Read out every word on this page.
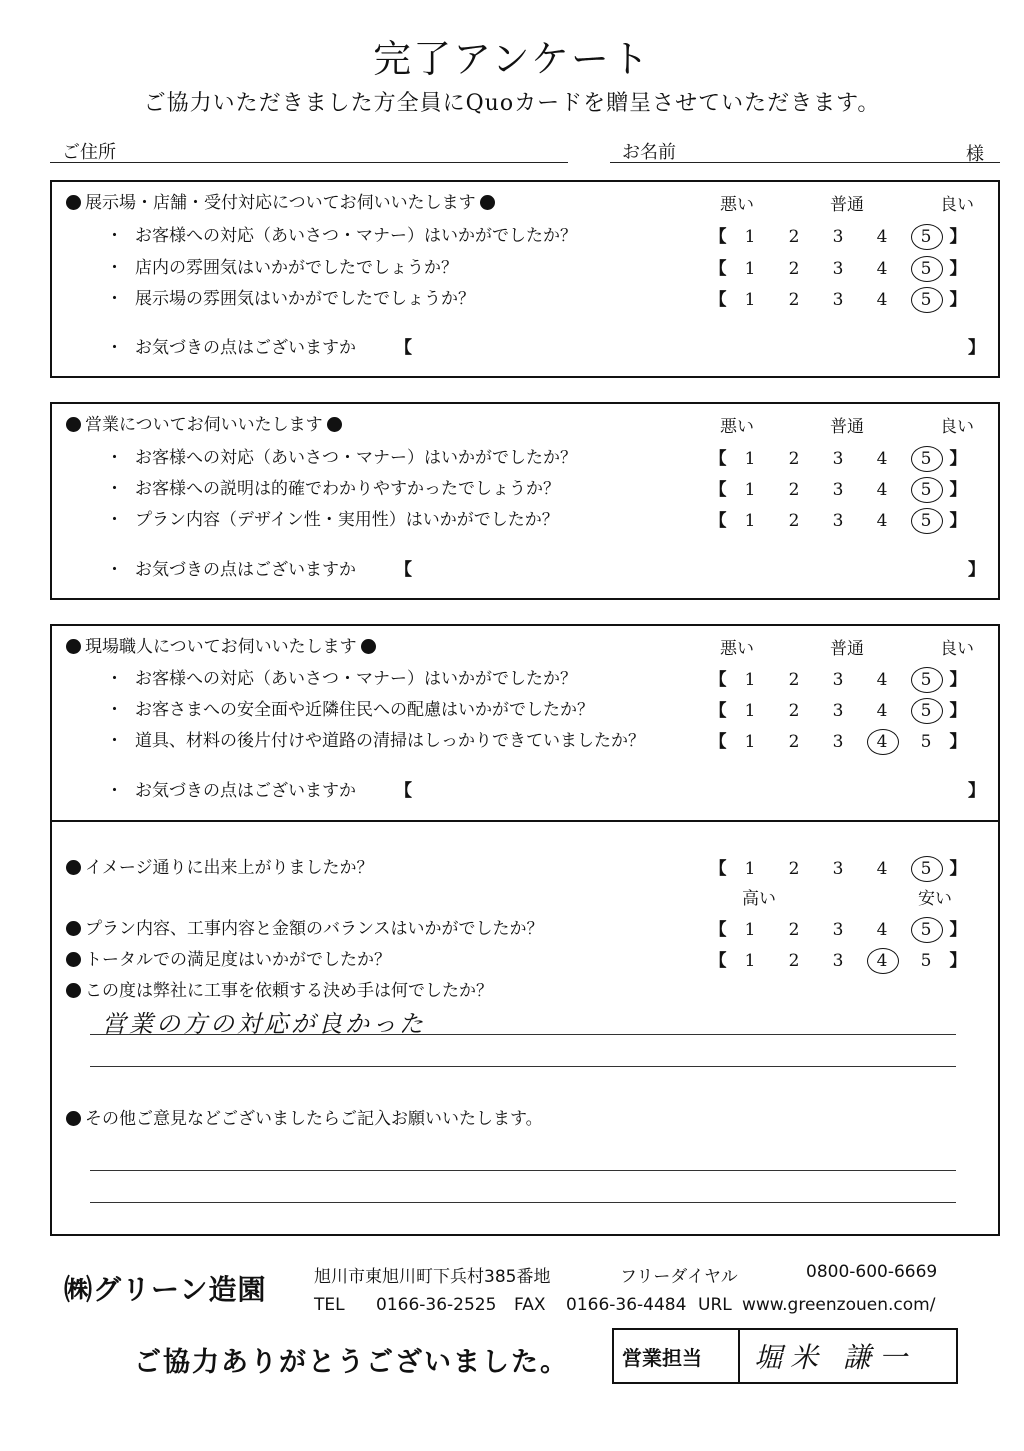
完了アンケート
ご協力いただきました方全員にQuoカードを贈呈させていただきます。
ご住所	お名前	様
展示場・店舗・受付対応についてお伺いいたします	悪い	普通	良い
・ お客様への対応（あいさつ・マナー）はいかがでしたか？	【 1 2 3 4 5 】
・ 店内の雰囲気はいかがでしたでしょうか？	【 1 2 3 4 5 】
・ 展示場の雰囲気はいかがでしたでしょうか？	【 1 2 3 4 5 】
・ お気づきの点はございますか 【	】
営業についてお伺いいたします	悪い	普通	良い
・ お客様への対応（あいさつ・マナー）はいかがでしたか？	【 1 2 3 4 5 】
・ お客様への説明は的確でわかりやすかったでしょうか？	【 1 2 3 4 5 】
・ プラン内容（デザイン性・実用性）はいかがでしたか？	【 1 2 3 4 5 】
・ お気づきの点はございますか 【	】
現場職人についてお伺いいたします	悪い	普通	良い
・ お客様への対応（あいさつ・マナー）はいかがでしたか？	【 1 2 3 4 5 】
・ お客さまへの安全面や近隣住民への配慮はいかがでしたか？	【 1 2 3 4 5 】
・ 道具、材料の後片付けや道路の清掃はしっかりできていましたか？	【 1 2 3 4 5 】
・ お気づきの点はございますか 【	】
イメージ通りに出来上がりましたか？	【 1 2 3 4 5 】
高い	安い
プラン内容、工事内容と金額のバランスはいかがでしたか？	【 1 2 3 4 5 】
トータルでの満足度はいかがでしたか？	【 1 2 3 4 5 】
この度は弊社に工事を依頼する決め手は何でしたか？
営業の方の対応が良かった
その他ご意見などございましたらご記入お願いいたします。
㈱グリーン造園	旭川市東旭川町下兵村385番地	フリーダイヤル	0800-600-6669
TEL 0166-36-2525 FAX 0166-36-4484 URL www.greenzouen.com/
ご協力ありがとうございました。	営業担当 堀米 謙一
